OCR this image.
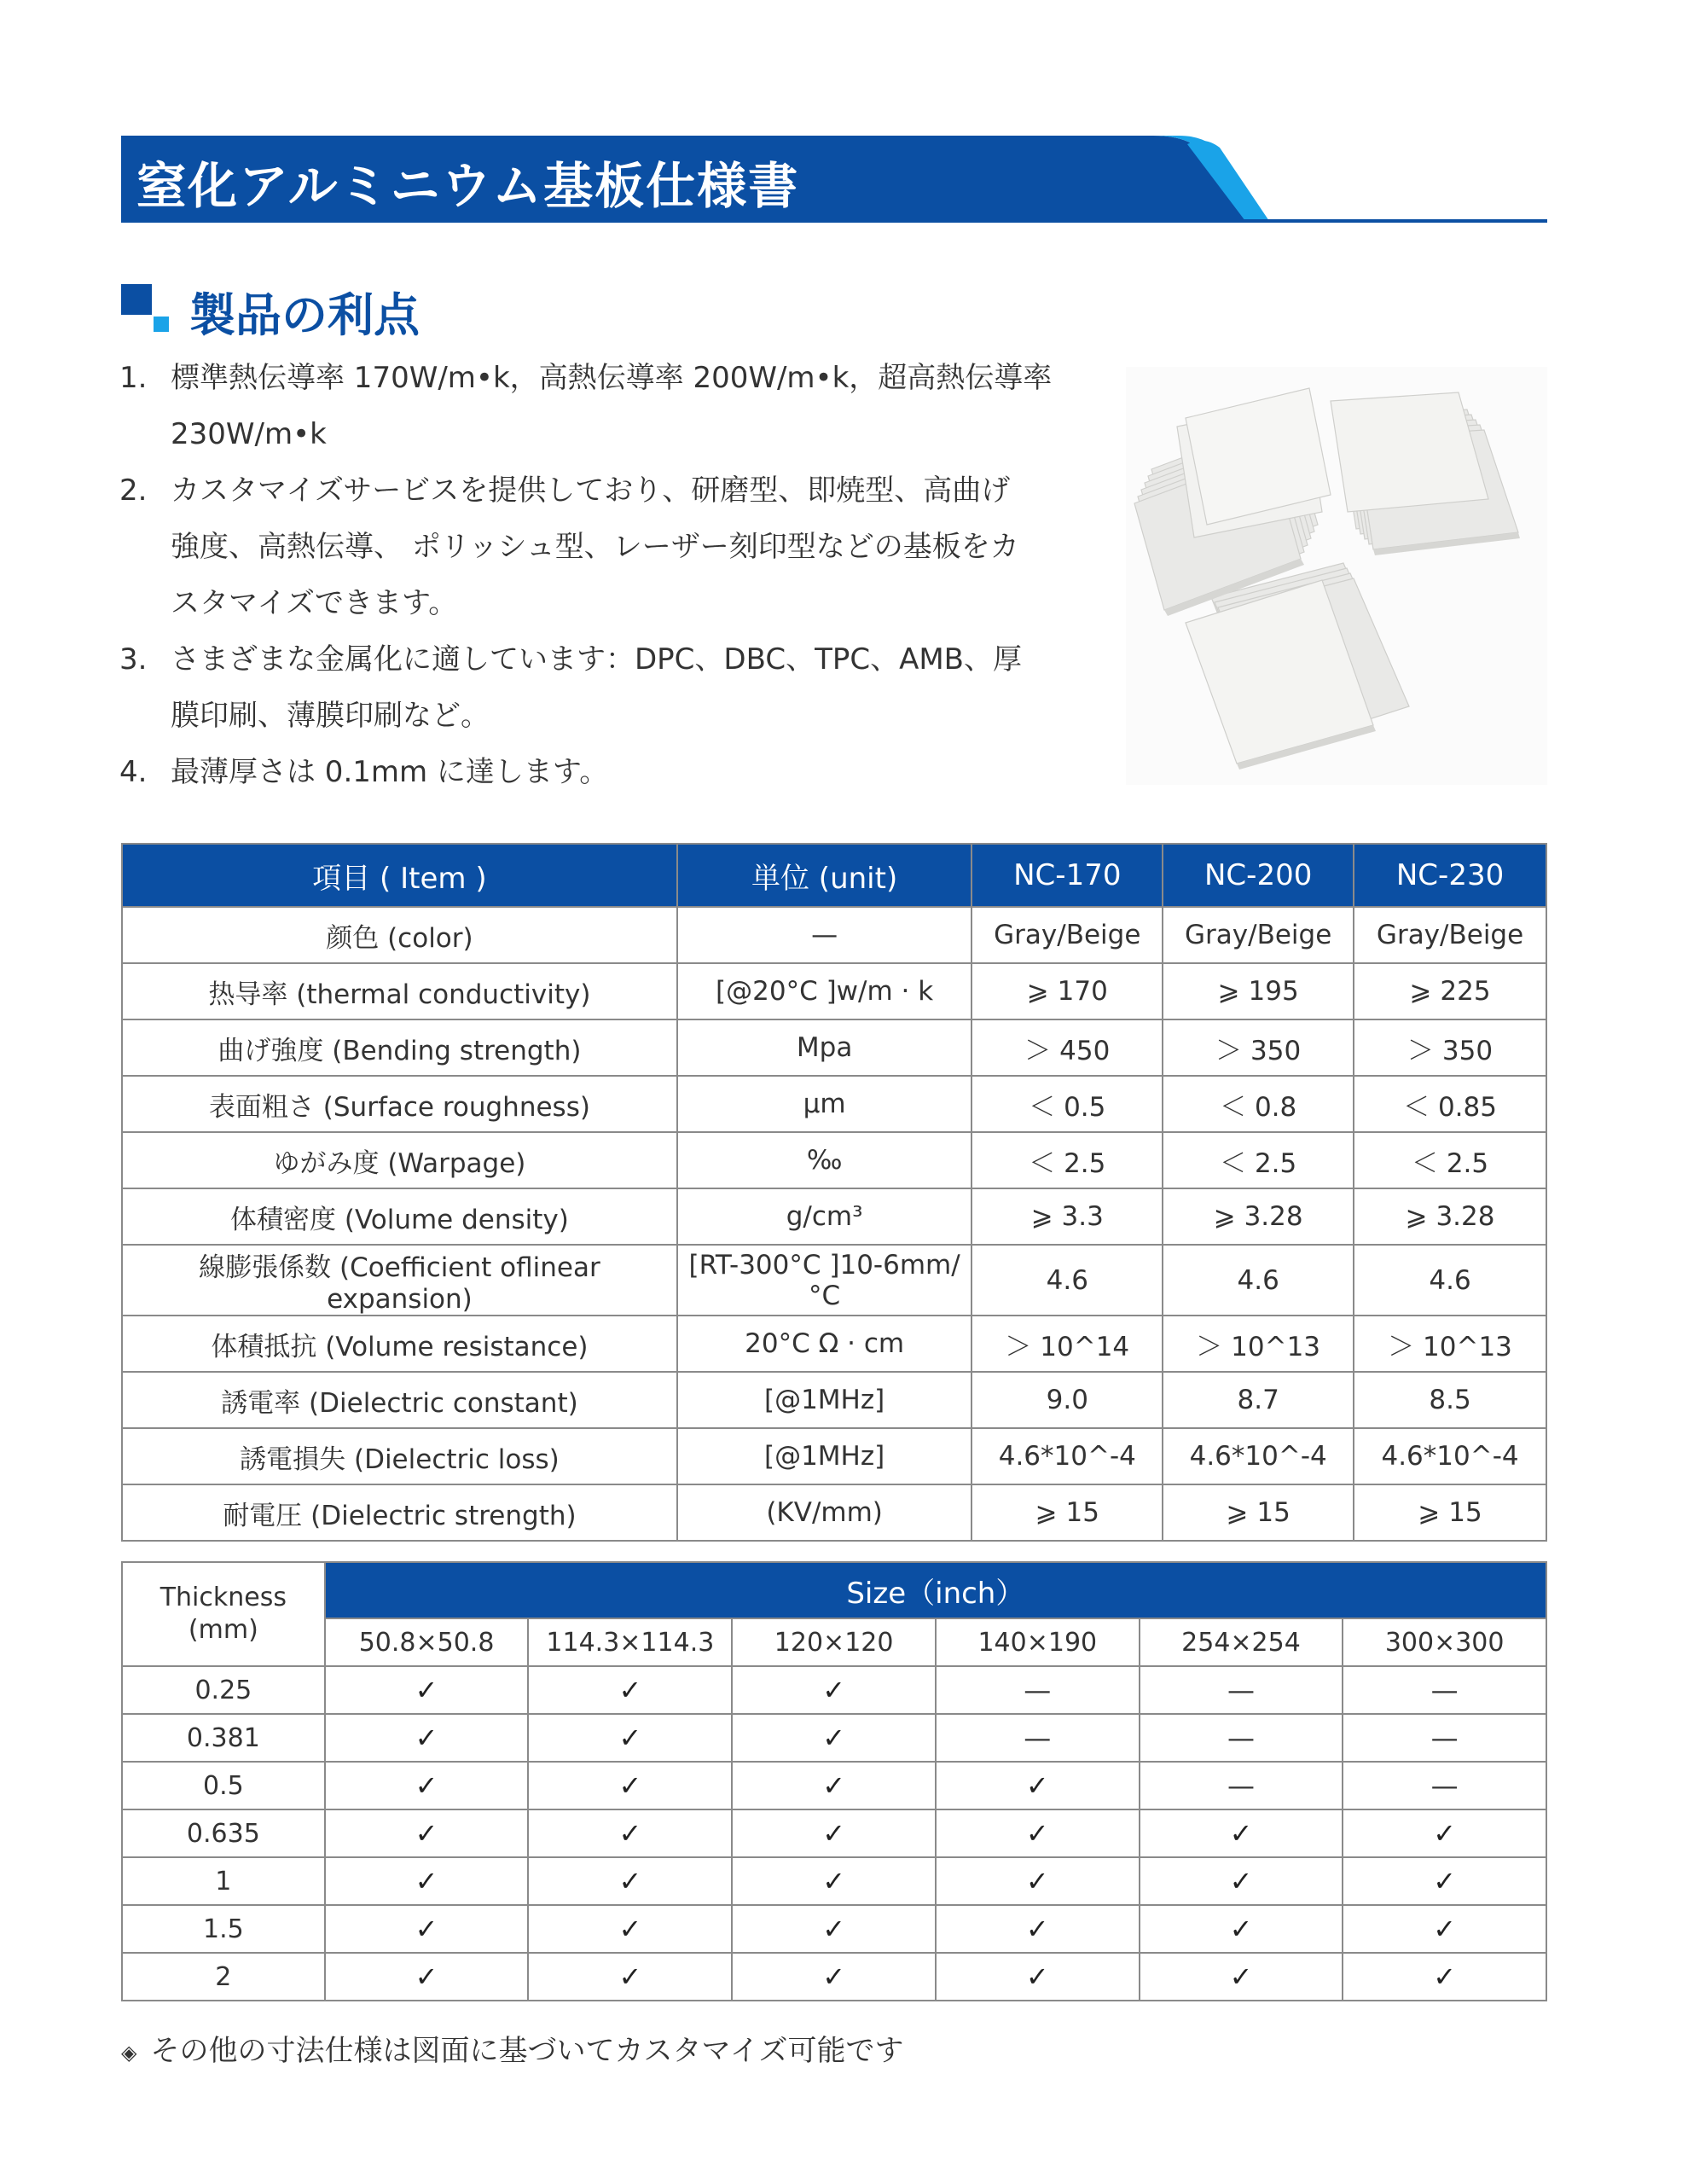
窒化アルミニウム基板仕様書
製品の利点
1. 標準熱伝導率 170W/m•k，高熱伝導率 200W/m•k，超高熱伝導率
230W/m•k
2. カスタマイズサービスを提供しており、研磨型、即焼型、高曲げ
強度、高熱伝導、 ポリッシュ型、レーザー刻印型などの基板をカ
スタマイズできます。
3. さまざまな金属化に適しています：DPC、DBC、TPC、AMB、厚
膜印刷、薄膜印刷など。
4. 最薄厚さは 0.1mm に達します。
項目 ( Item )	単位 (unit)	NC-170	NC-200	NC-230
颜色 (color)	—	Gray/Beige	Gray/Beige	Gray/Beige
热导率 (thermal conductivity)	[@20°C ]w/m · k	⩾ 170	⩾ 195	⩾ 225
曲げ強度 (Bending strength)	Mpa	＞ 450	＞ 350	＞ 350
表面粗さ (Surface roughness)	μm	＜ 0.5	＜ 0.8	＜ 0.85
ゆがみ度 (Warpage)	‰	＜ 2.5	＜ 2.5	＜ 2.5
体積密度 (Volume density)	g/cm³	⩾ 3.3	⩾ 3.28	⩾ 3.28
線膨張係数 (Coefficient oflinear expansion)	[RT-300°C ]10-6mm/°C	4.6	4.6	4.6
体積抵抗 (Volume resistance)	20°C Ω · cm	＞ 10^14	＞ 10^13	＞ 10^13
誘電率 (Dielectric constant)	[@1MHz]	9.0	8.7	8.5
誘電損失 (Dielectric loss)	[@1MHz]	4.6*10^-4	4.6*10^-4	4.6*10^-4
耐電圧 (Dielectric strength)	(KV/mm)	⩾ 15	⩾ 15	⩾ 15
Thickness
(mm)	Size（inch）					
	50.8×50.8	114.3×114.3	120×120	140×190	254×254	300×300
0.25	✓	✓	✓	—	—	—
0.381	✓	✓	✓	—	—	—
0.5	✓	✓	✓	✓	—	—
0.635	✓	✓	✓	✓	✓	✓
1	✓	✓	✓	✓	✓	✓
1.5	✓	✓	✓	✓	✓	✓
2	✓	✓	✓	✓	✓	✓
◈ その他の寸法仕様は図面に基づいてカスタマイズ可能です
